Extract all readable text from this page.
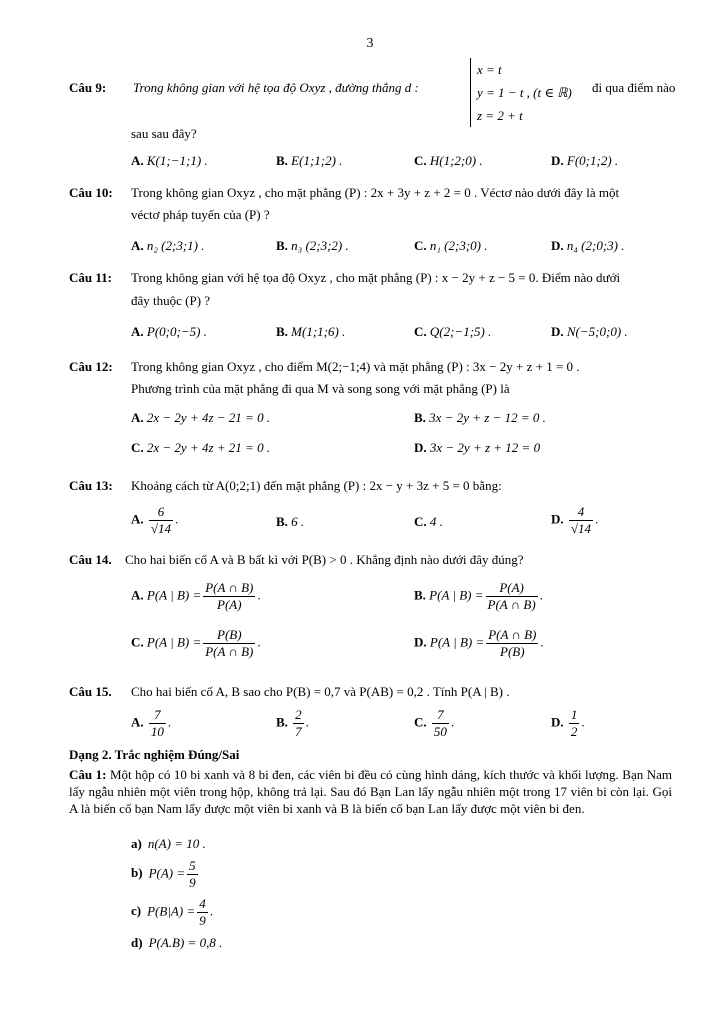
3
Câu 9: Trong không gian với hệ tọa độ Oxyz , đường thẳng d :
x = t
y = 1 − t , (t ∈ ℝ)
z = 2 + t
đi qua điểm nào
sau sau đây?
A. K(1;−1;1) .	B. E(1;1;2) .	C. H(1;2;0) .	D. F(0;1;2) .
Câu 10: Trong không gian Oxyz , cho mặt phẳng (P) : 2x + 3y + z + 2 = 0 . Véctơ nào dưới đây là một
véctơ pháp tuyến của (P) ?
A. n₂ (2;3;1) .	B. n₃ (2;3;2) .	C. n₁ (2;3;0) .	D. n₄ (2;0;3) .
Câu 11: Trong không gian với hệ tọa độ Oxyz , cho mặt phẳng (P) : x − 2y + z − 5 = 0. Điểm nào dưới
đây thuộc (P) ?
A. P(0;0;−5) .	B. M(1;1;6) .	C. Q(2;−1;5) .	D. N(−5;0;0) .
Câu 12: Trong không gian Oxyz , cho điểm M(2;−1;4) và mặt phẳng (P) : 3x − 2y + z + 1 = 0 .
Phương trình của mặt phẳng đi qua M và song song với mặt phẳng (P) là
A. 2x − 2y + 4z − 21 = 0 .	B. 3x − 2y + z − 12 = 0 .
C. 2x − 2y + 4z + 21 = 0 .	D. 3x − 2y + z + 12 = 0
Câu 13: Khoảng cách từ A(0;2;1) đến mặt phẳng (P) : 2x − y + 3z + 5 = 0 bằng:
A. $\frac{6}{√14}$ .	B. 6 .	C. 4 .	D. $\frac{4}{√14}$ .
Câu 14. Cho hai biến cố A và B bất kì với P(B) > 0 . Khẳng định nào dưới đây đúng?
A. P(A | $B) = \frac{P(A \cap B)}{P(A)}$ .	B. P(A | $B) = \frac{P(A)}{P(A \cap B)}$ .
C. P(A | $B) = \frac{P(B)}{P(A \cap B)}$ .	D. P(A | $B) = \frac{P(A \cap B)}{P(B)}$ .
Câu 15. Cho hai biến cố A, B sao cho P(B) = 0,7 và P(AB) = 0,2 . Tính P(A | B) .
A. $\frac{7}{10}$ .	B. $\frac{2}{7}$ .	C. $\frac{7}{50}$ .	D. $\frac{1}{2}$ .
Dạng 2. Trắc nghiệm Đúng/Sai
Câu 1: Một hộp có 10 bi xanh và 8 bi đen, các viên bi đều có cùng hình dáng, kích thước và khối lượng. Bạn Nam lấy ngẫu nhiên một viên trong hộp, không trả lại. Sau đó Bạn Lan lấy ngẫu nhiên một trong 17 viên bi còn lại. Gọi A là biến cố bạn Nam lấy được một viên bi xanh và B là biến cố bạn Lan lấy được một viên bi đen.
a) n(A) = 10 .
b) $P(A) = \frac{5}{9}$
c) $P(B|A) = \frac{4}{9}$ .
d) P(A.B) = 0,8 .
